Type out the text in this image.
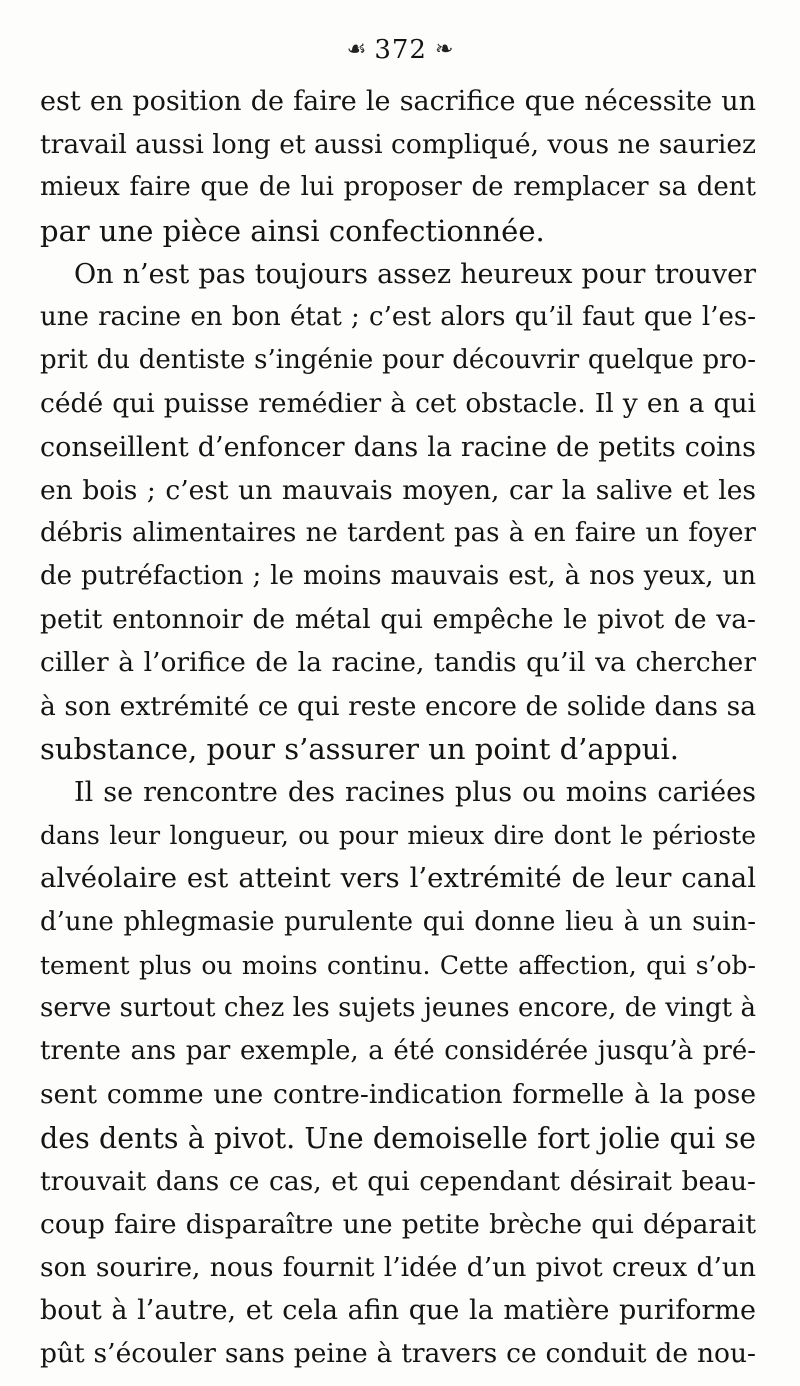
☙ 372 ❧
est en position de faire le sacrifice que nécessite un
travail aussi long et aussi compliqué, vous ne sauriez
mieux faire que de lui proposer de remplacer sa dent
par une pièce ainsi confectionnée.
On n’est pas toujours assez heureux pour trouver
une racine en bon état ; c’est alors qu’il faut que l’es-
prit du dentiste s’ingénie pour découvrir quelque pro-
cédé qui puisse remédier à cet obstacle. Il y en a qui
conseillent d’enfoncer dans la racine de petits coins
en bois ; c’est un mauvais moyen, car la salive et les
débris alimentaires ne tardent pas à en faire un foyer
de putréfaction ; le moins mauvais est, à nos yeux, un
petit entonnoir de métal qui empêche le pivot de va-
ciller à l’orifice de la racine, tandis qu’il va chercher
à son extrémité ce qui reste encore de solide dans sa
substance, pour s’assurer un point d’appui.
Il se rencontre des racines plus ou moins cariées
dans leur longueur, ou pour mieux dire dont le périoste
alvéolaire est atteint vers l’extrémité de leur canal
d’une phlegmasie purulente qui donne lieu à un suin-
tement plus ou moins continu. Cette affection, qui s’ob-
serve surtout chez les sujets jeunes encore, de vingt à
trente ans par exemple, a été considérée jusqu’à pré-
sent comme une contre-indication formelle à la pose
des dents à pivot. Une demoiselle fort jolie qui se
trouvait dans ce cas, et qui cependant désirait beau-
coup faire disparaître une petite brèche qui déparait
son sourire, nous fournit l’idée d’un pivot creux d’un
bout à l’autre, et cela afin que la matière puriforme
pût s’écouler sans peine à travers ce conduit de nou-
